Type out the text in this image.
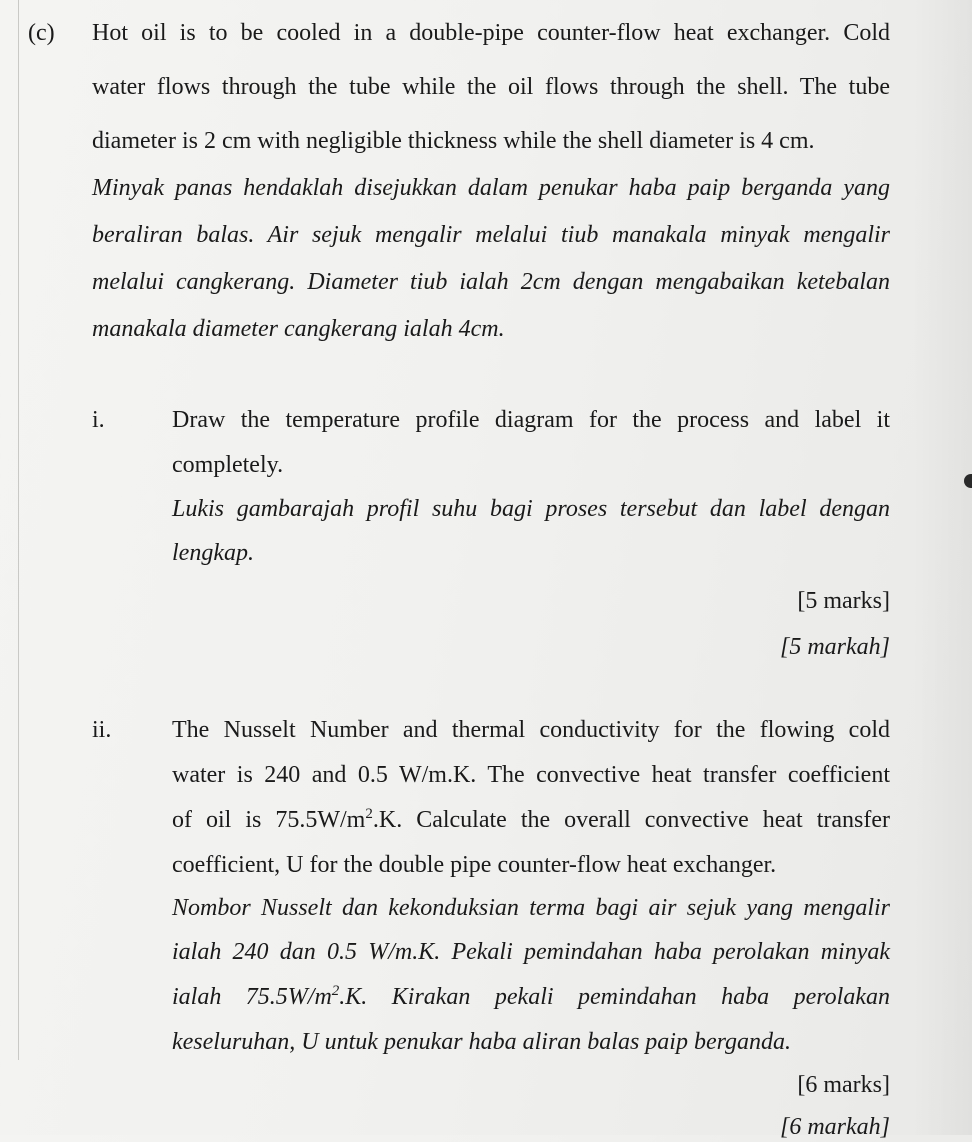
(c) Hot oil is to be cooled in a double-pipe counter-flow heat exchanger. Cold
water flows through the tube while the oil flows through the shell. The tube
diameter is 2 cm with negligible thickness while the shell diameter is 4 cm.
Minyak panas hendaklah disejukkan dalam penukar haba paip berganda yang
beraliran balas. Air sejuk mengalir melalui tiub manakala minyak mengalir
melalui cangkerang. Diameter tiub ialah 2cm dengan mengabaikan ketebalan
manakala diameter cangkerang ialah 4cm.
i.	Draw the temperature profile diagram for the process and label it
completely.
Lukis gambarajah profil suhu bagi proses tersebut dan label dengan
lengkap.
[5 marks]
[5 markah]
ii.	The Nusselt Number and thermal conductivity for the flowing cold
water is 240 and 0.5 W/m.K. The convective heat transfer coefficient
of oil is $75.5W/m^2.K$. Calculate the overall convective heat transfer
coefficient, U for the double pipe counter-flow heat exchanger.
Nombor Nusselt dan kekonduksian terma bagi air sejuk yang mengalir
ialah 240 dan 0.5 W/m.K. Pekali pemindahan haba perolakan minyak
ialah $75.5W/m^2.K$. Kirakan pekali pemindahan haba perolakan
keseluruhan, U untuk penukar haba aliran balas paip berganda.
[6 marks]
[6 markah]
